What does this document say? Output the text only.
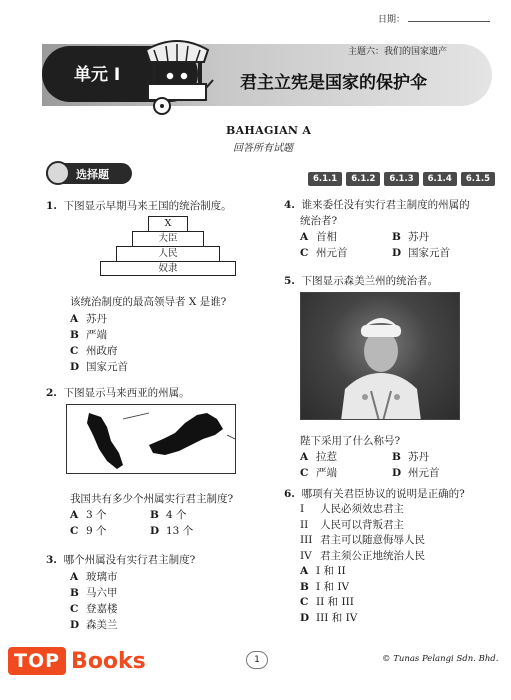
日期：
主题六：我们的国家遗产
单元 I	君主立宪是国家的保护伞
BAHAGIAN A
回答所有试题
选择题	6.1.1	6.1.2	6.1.3	6.1.4	6.1.5
1. 下图显示早期马来王国的统治制度。
X
大臣
人民
奴隶
该统治制度的最高领导者 X 是谁?
A 苏丹
B 严端
C 州政府
D 国家元首
2. 下图显示马来西亚的州属。
我国共有多少个州属实行君主制度?
A 3 个	B 4 个
C 9 个	D 13 个
3. 哪个州属没有实行君主制度?
A 玻璃市
B 马六甲
C 登嘉楼
D 森美兰
4. 谁来委任没有实行君主制度的州属的
统治者?
A 首相	B 苏丹
C 州元首	D 国家元首
5. 下图显示森美兰州的统治者。
陛下采用了什么称号?
A 拉惹	B 苏丹
C 严端	D 州元首
6. 哪项有关君臣协议的说明是正确的?
I 人民必须效忠君主
II 人民可以背叛君主
III 君主可以随意侮辱人民
IV 君主须公正地统治人民
A I 和 II
B I 和 IV
C II 和 III
D III 和 IV
TOP Books	1	© Tunas Pelangi Sdn. Bhd.
